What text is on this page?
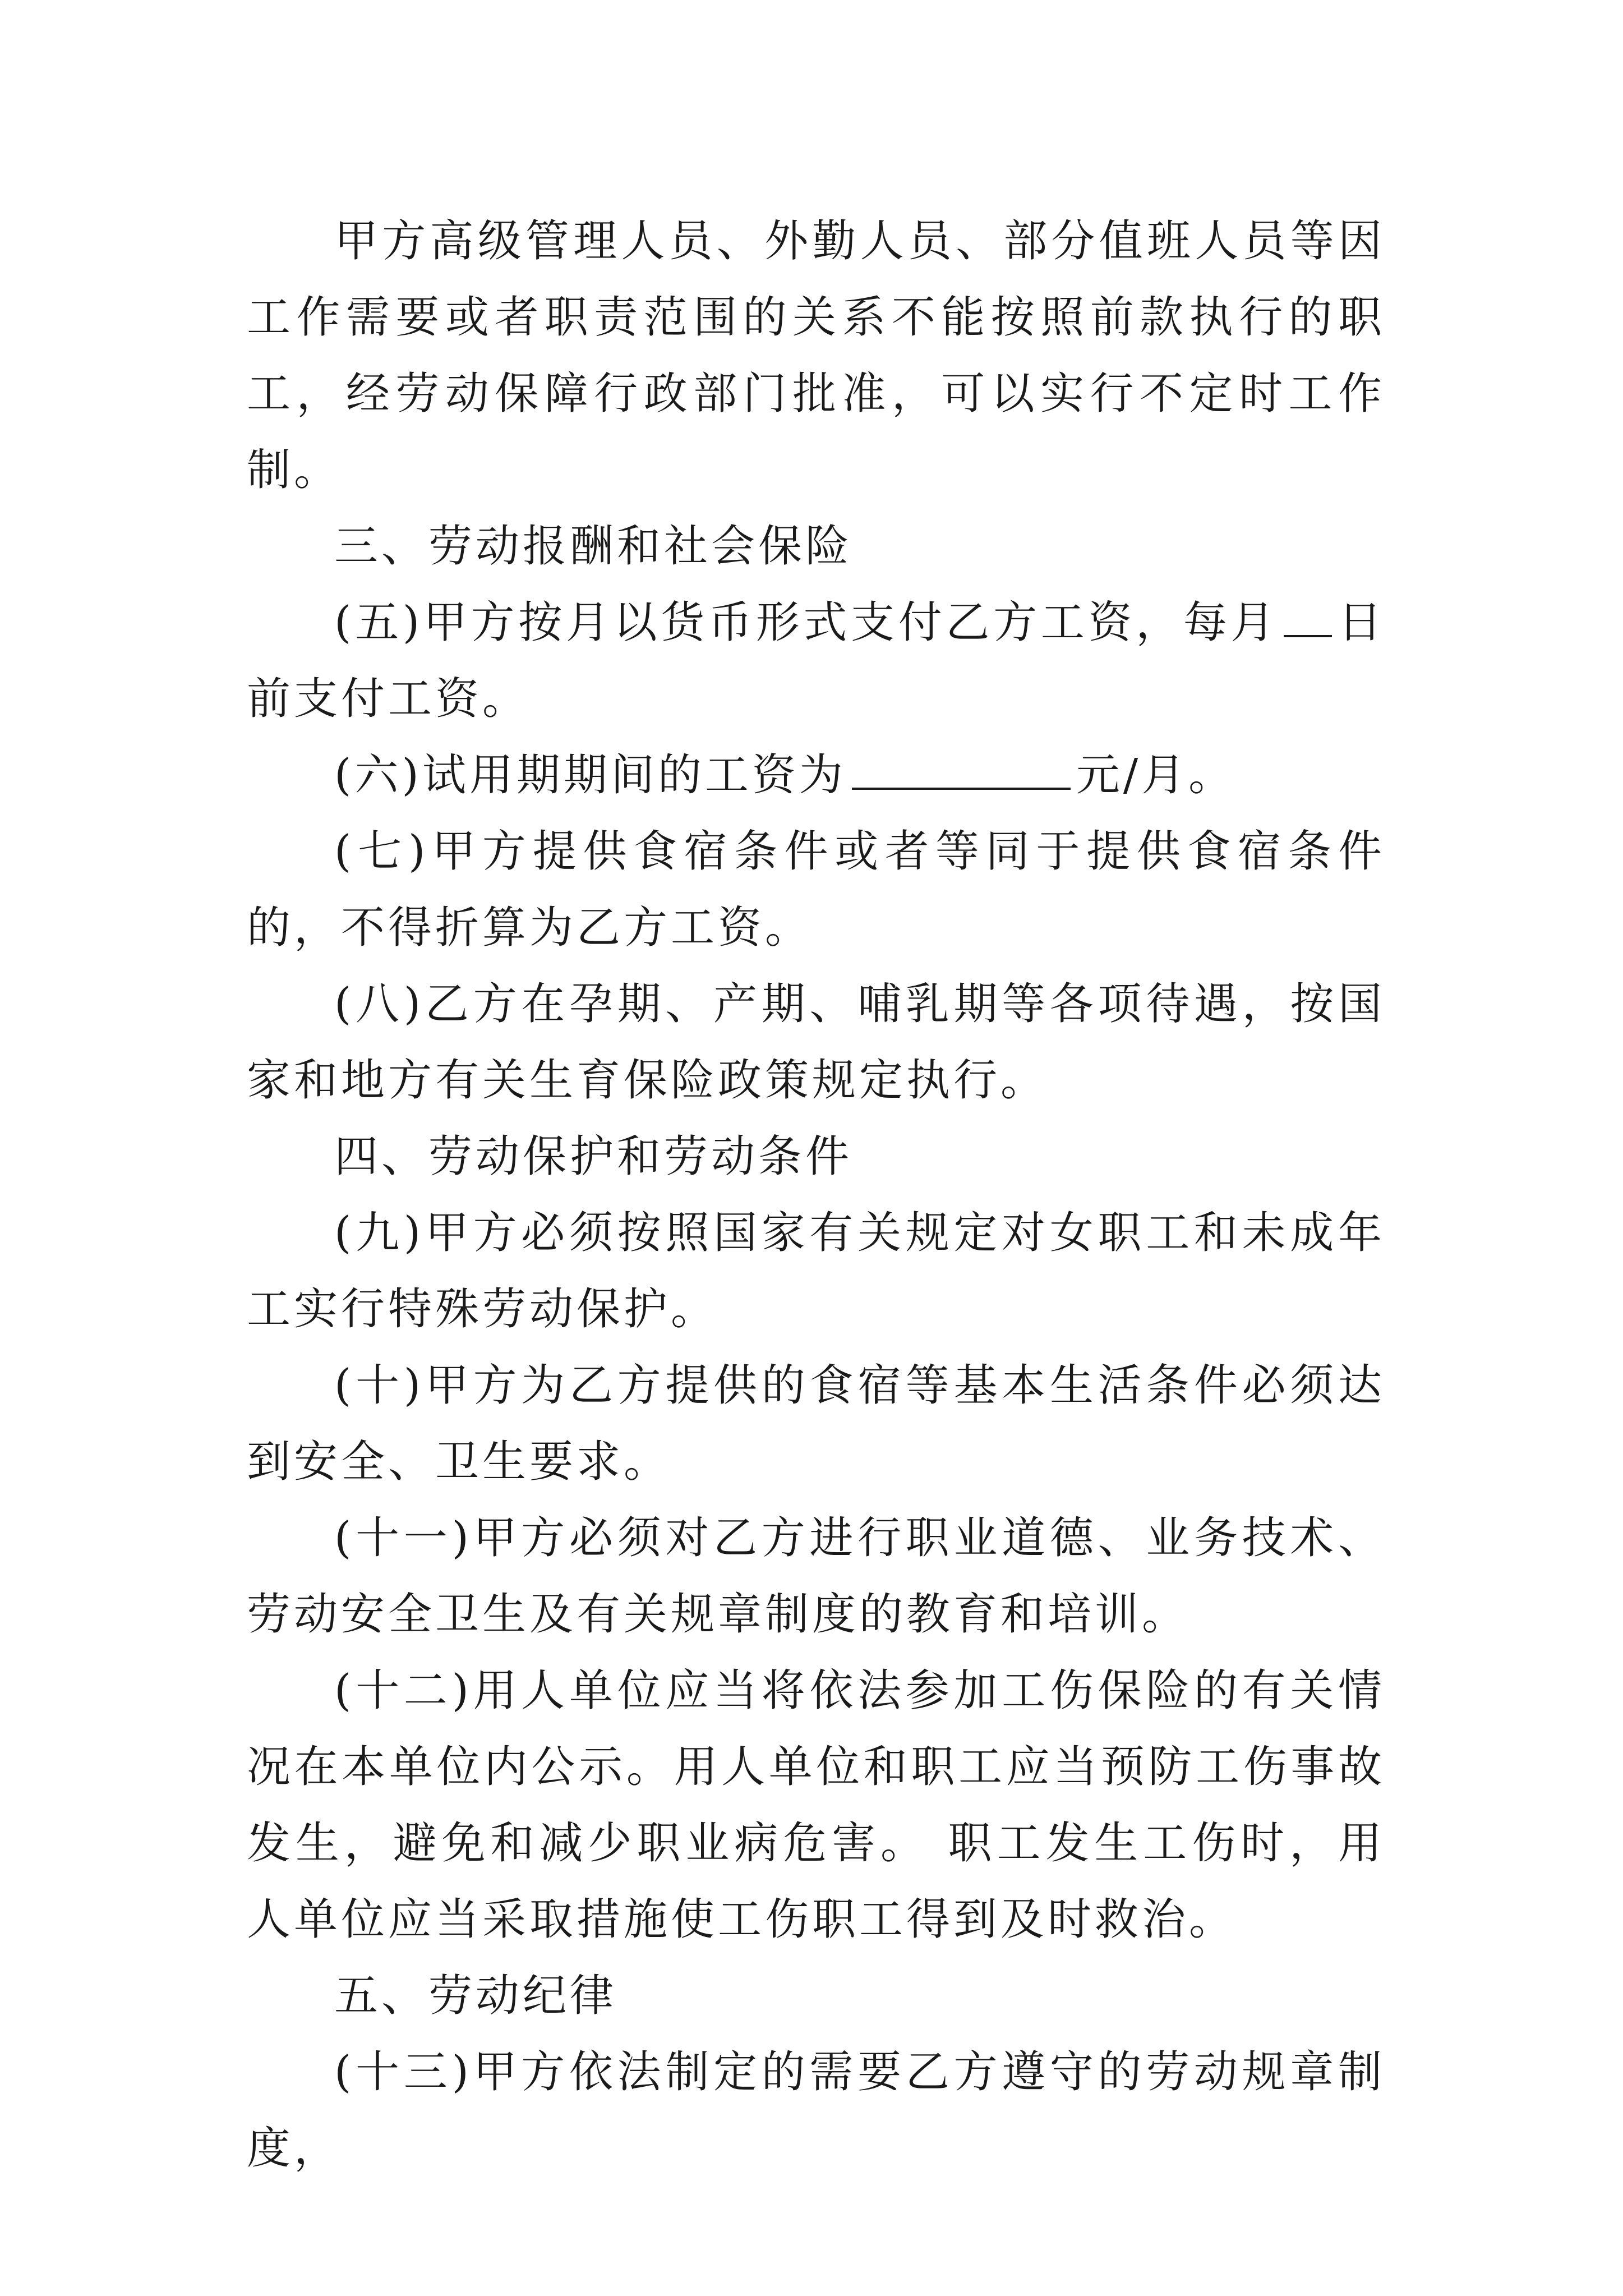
甲方高级管理人员、外勤人员、部分值班人员等因工作需要或者职责范围的关系不能按照前款执行的职工，经劳动保障行政部门批准，可以实行不定时工作制。

三、劳动报酬和社会保险

(五)甲方按月以货币形式支付乙方工资，每月 日前支付工资。

(六)试用期期间的工资为	元/月。

(七)甲方提供食宿条件或者等同于提供食宿条件的，不得折算为乙方工资。

(八)乙方在孕期、产期、哺乳期等各项待遇，按国家和地方有关生育保险政策规定执行。

四、劳动保护和劳动条件

(九)甲方必须按照国家有关规定对女职工和未成年工实行特殊劳动保护。

(十)甲方为乙方提供的食宿等基本生活条件必须达到安全、卫生要求。

(十一)甲方必须对乙方进行职业道德、业务技术、劳动安全卫生及有关规章制度的教育和培训。

(十二)用人单位应当将依法参加工伤保险的有关情况在本单位内公示。用人单位和职工应当预防工伤事故发生，避免和减少职业病危害。 职工发生工伤时，用人单位应当采取措施使工伤职工得到及时救治。

五、劳动纪律

(十三)甲方依法制定的需要乙方遵守的劳动规章制度，
